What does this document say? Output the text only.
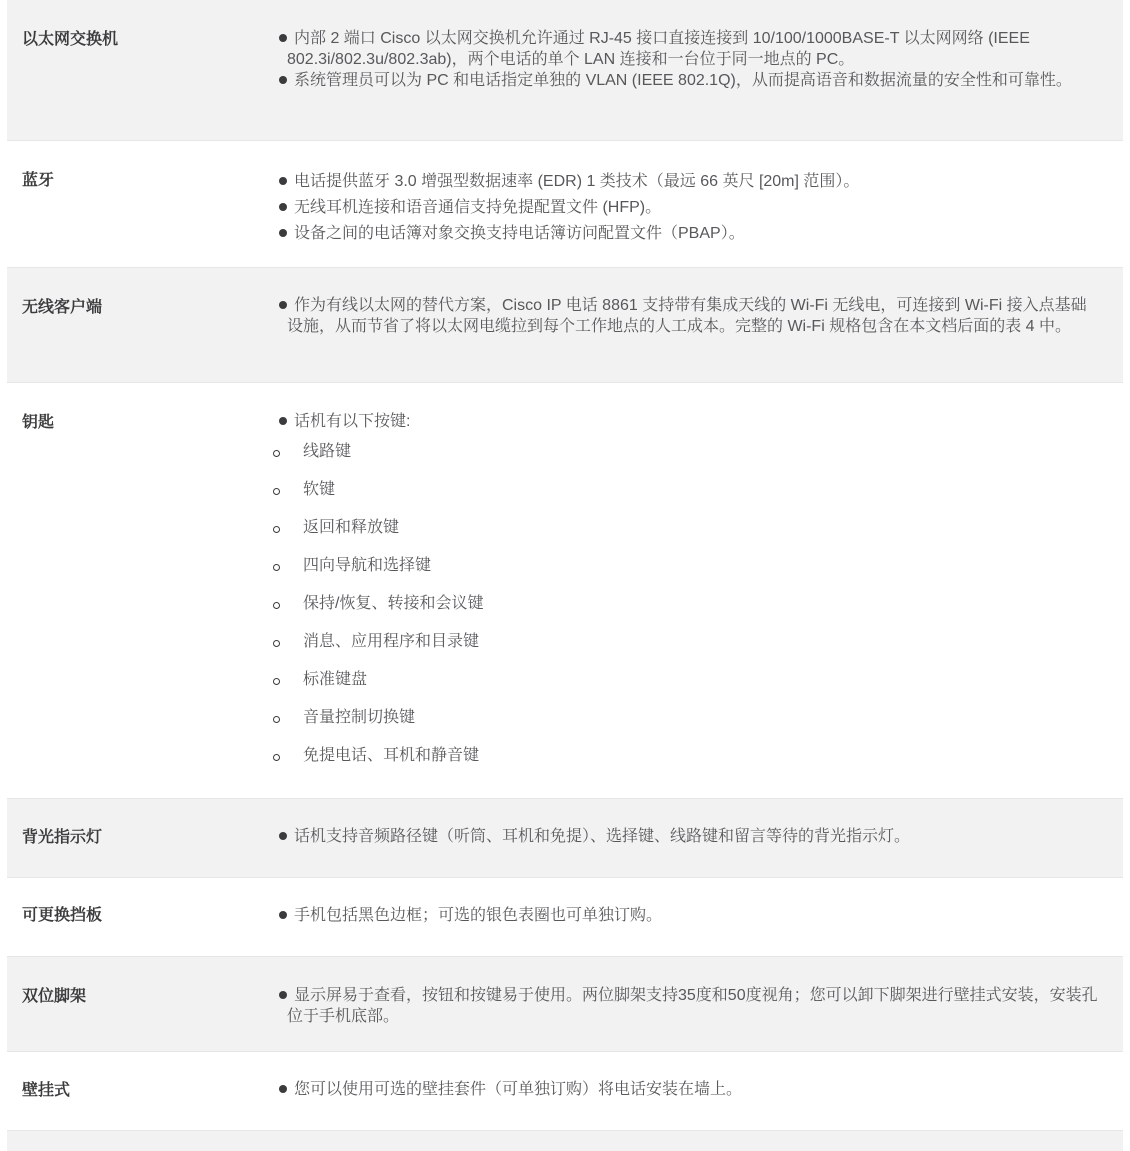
以太网交换机	内部 2 端口 Cisco 以太网交换机允许通过 RJ-45 接口直接连接到 10/100/1000BASE-T 以太网网络 (IEEE 802.3i/802.3u/802.3ab)，两个电话的单个 LAN 连接和一台位于同一地点的 PC。
系统管理员可以为 PC 和电话指定单独的 VLAN (IEEE 802.1Q)，从而提高语音和数据流量的安全性和可靠性。
蓝牙	电话提供蓝牙 3.0 增强型数据速率 (EDR) 1 类技术（最远 66 英尺 [20m] 范围）。
无线耳机连接和语音通信支持免提配置文件 (HFP)。
设备之间的电话簿对象交换支持电话簿访问配置文件（PBAP）。
无线客户端	作为有线以太网的替代方案，Cisco IP 电话 8861 支持带有集成天线的 Wi-Fi 无线电，可连接到 Wi-Fi 接入点基础设施，从而节省了将以太网电缆拉到每个工作地点的人工成本。完整的 Wi-Fi 规格包含在本文档后面的表 4 中。
钥匙	话机有以下按键:
线路键
软键
返回和释放键
四向导航和选择键
保持/恢复、转接和会议键
消息、应用程序和目录键
标准键盘
音量控制切换键
免提电话、耳机和静音键
背光指示灯	话机支持音频路径键（听筒、耳机和免提）、选择键、线路键和留言等待的背光指示灯。
可更换挡板	手机包括黑色边框；可选的银色表圈也可单独订购。
双位脚架	显示屏易于查看，按钮和按键易于使用。两位脚架支持35度和50度视角；您可以卸下脚架进行壁挂式安装，安装孔位于手机底部。
壁挂式	您可以使用可选的壁挂套件（可单独订购）将电话安装在墙上。
